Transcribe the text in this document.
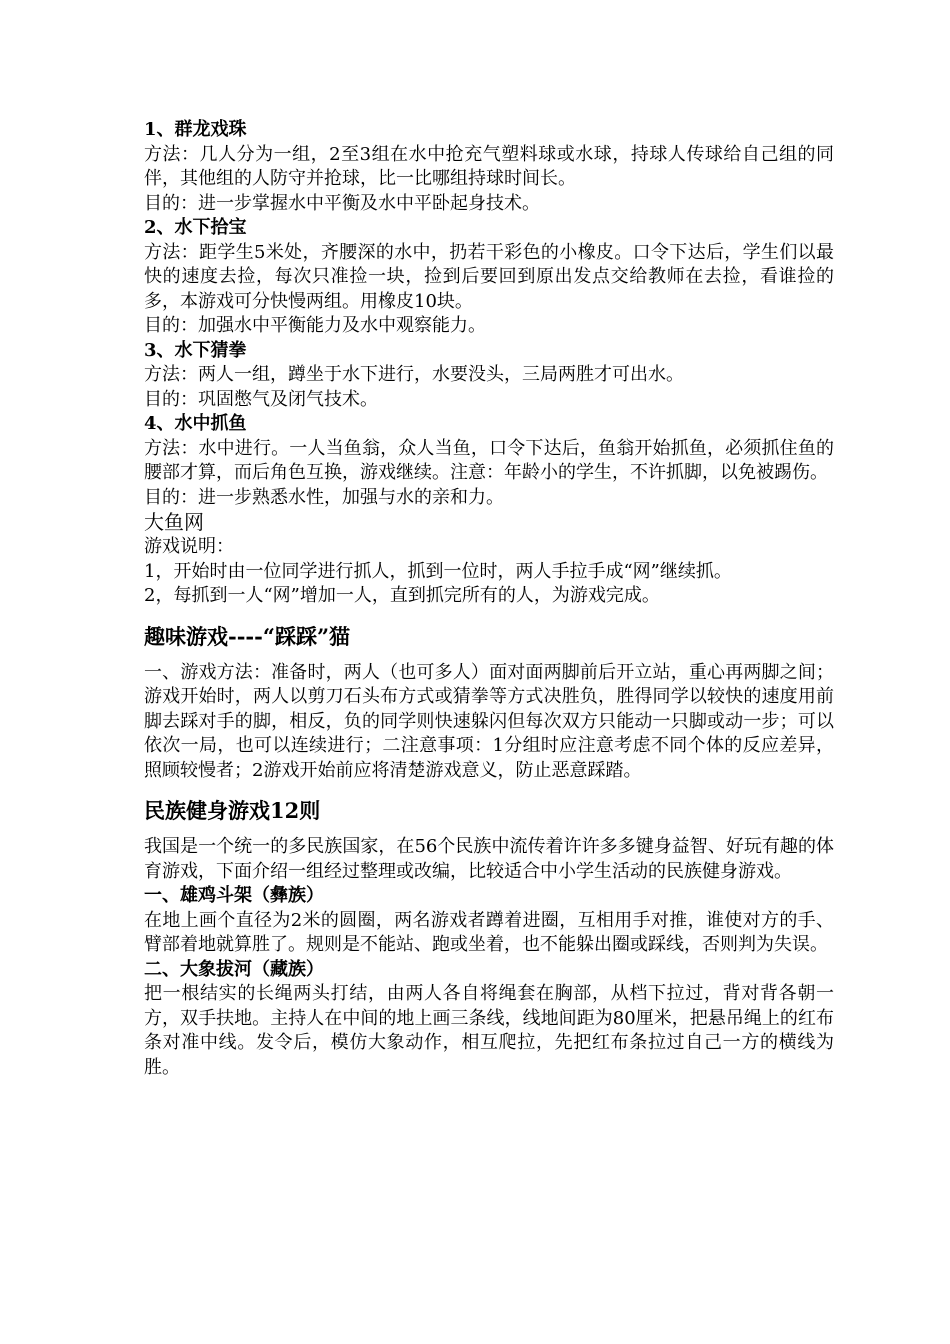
1、群龙戏珠

方法：几人分为一组，2至3组在水中抢充气塑料球或水球，持球人传球给自己组的同伴，其他组的人防守并抢球，比一比哪组持球时间长。

目的：进一步掌握水中平衡及水中平卧起身技术。

2、水下拾宝

方法：距学生5米处，齐腰深的水中，扔若干彩色的小橡皮。口令下达后，学生们以最快的速度去捡，每次只准捡一块，捡到后要回到原出发点交给教师在去捡，看谁捡的多，本游戏可分快慢两组。用橡皮10块。

目的：加强水中平衡能力及水中观察能力。

3、水下猜拳

方法：两人一组，蹲坐于水下进行，水要没头，三局两胜才可出水。

目的：巩固憋气及闭气技术。

4、水中抓鱼

方法：水中进行。一人当鱼翁，众人当鱼，口令下达后，鱼翁开始抓鱼，必须抓住鱼的腰部才算，而后角色互换，游戏继续。注意：年龄小的学生，不许抓脚，以免被踢伤。

目的：进一步熟悉水性，加强与水的亲和力。

大鱼网

游戏说明：

1，开始时由一位同学进行抓人，抓到一位时，两人手拉手成“网”继续抓。

2，每抓到一人“网”增加一人，直到抓完所有的人，为游戏完成。

趣味游戏----“踩踩”猫

一、游戏方法：准备时，两人（也可多人）面对面两脚前后开立站，重心再两脚之间；游戏开始时，两人以剪刀石头布方式或猜拳等方式决胜负，胜得同学以较快的速度用前脚去踩对手的脚，相反，负的同学则快速躲闪但每次双方只能动一只脚或动一步；可以依次一局，也可以连续进行；二注意事项：1分组时应注意考虑不同个体的反应差异，照顾较慢者；2游戏开始前应将清楚游戏意义，防止恶意踩踏。

民族健身游戏12则

我国是一个统一的多民族国家，在56个民族中流传着许许多多键身益智、好玩有趣的体育游戏，下面介绍一组经过整理或改编，比较适合中小学生活动的民族健身游戏。

一、雄鸡斗架（彝族）

在地上画个直径为2米的圆圈，两名游戏者蹲着进圈，互相用手对推，谁使对方的手、臂部着地就算胜了。规则是不能站、跑或坐着，也不能躲出圈或踩线，否则判为失误。

二、大象拔河（藏族）

把一根结实的长绳两头打结，由两人各自将绳套在胸部，从档下拉过，背对背各朝一方，双手扶地。主持人在中间的地上画三条线，线地间距为80厘米，把悬吊绳上的红布条对准中线。发令后，模仿大象动作，相互爬拉，先把红布条拉过自己一方的横线为胜。
